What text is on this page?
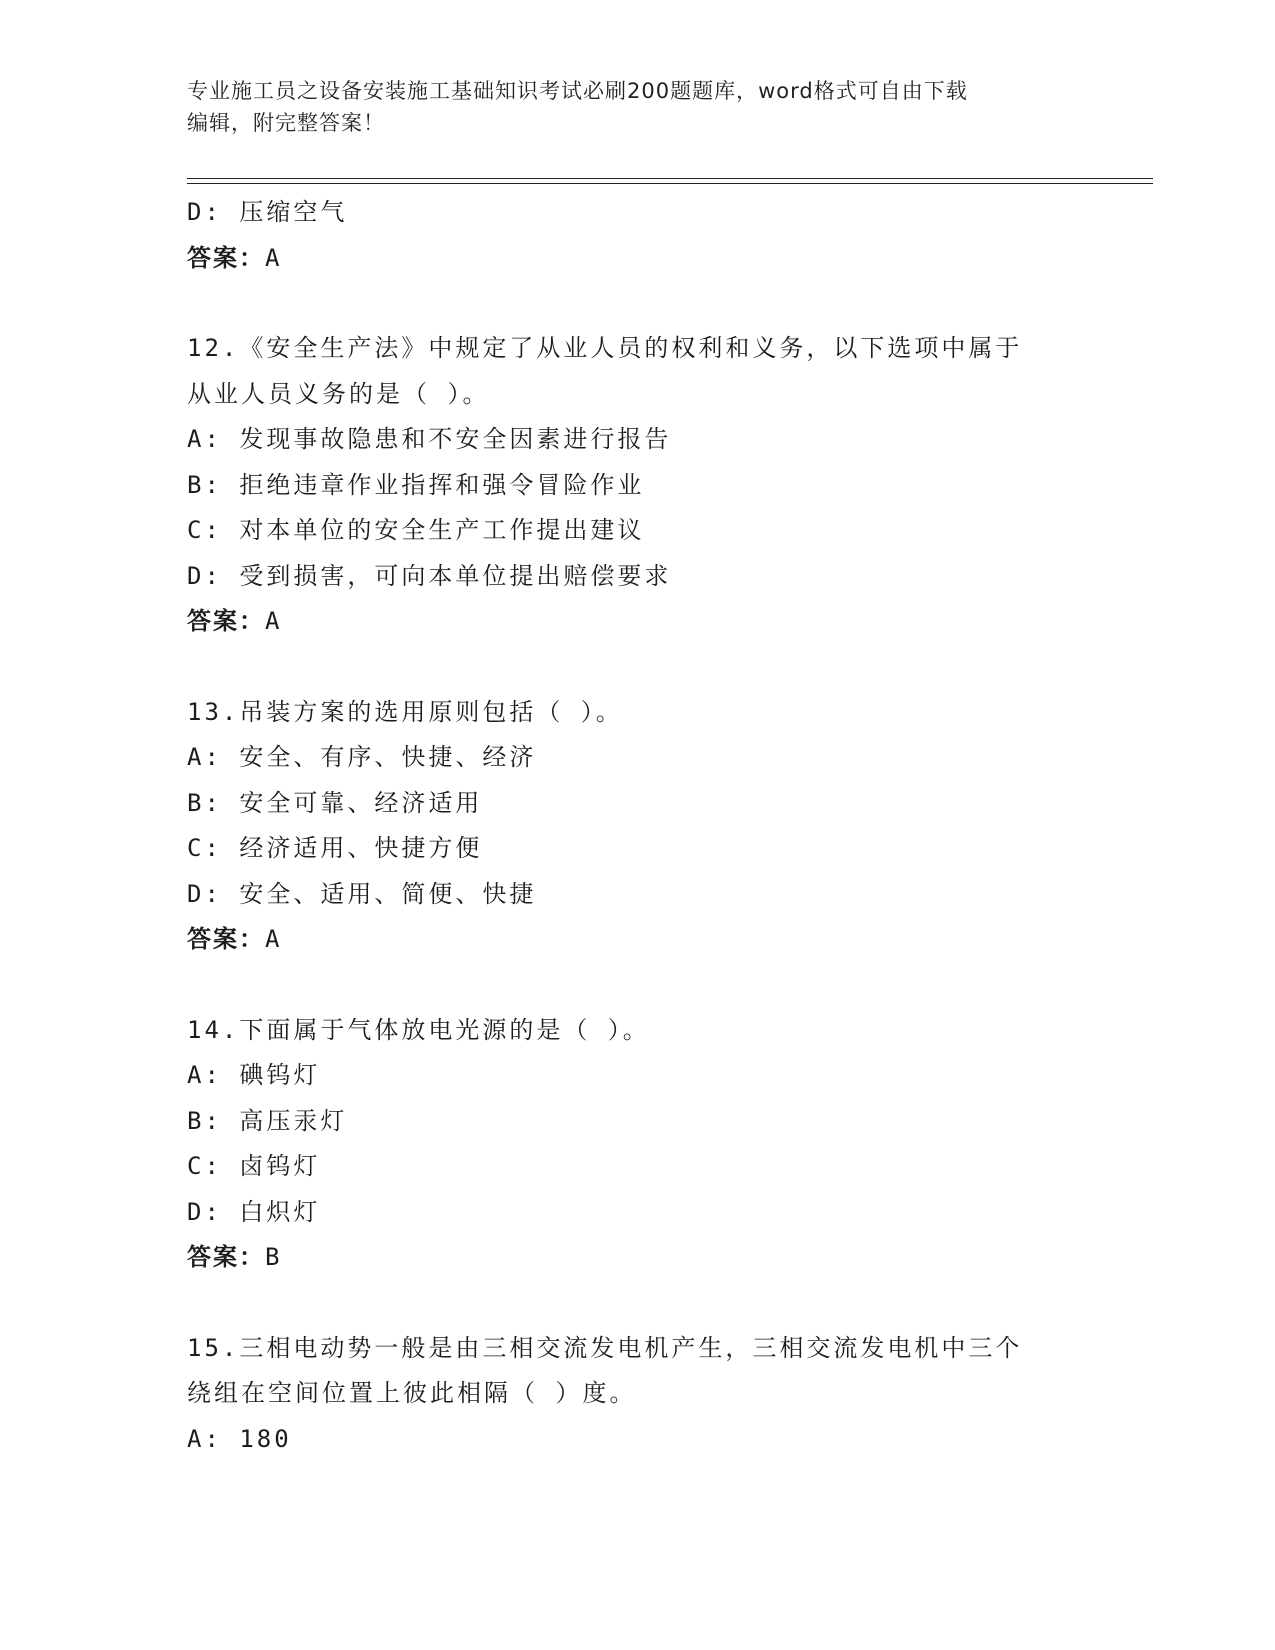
专业施工员之设备安装施工基础知识考试必刷200题题库，word格式可自由下载
编辑，附完整答案！
D: 压缩空气
答案：A
12.《安全生产法》中规定了从业人员的权利和义务，以下选项中属于
从业人员义务的是（ ）。
A: 发现事故隐患和不安全因素进行报告
B: 拒绝违章作业指挥和强令冒险作业
C: 对本单位的安全生产工作提出建议
D: 受到损害，可向本单位提出赔偿要求
答案：A
13.吊装方案的选用原则包括（ ）。
A: 安全、有序、快捷、经济
B: 安全可靠、经济适用
C: 经济适用、快捷方便
D: 安全、适用、简便、快捷
答案：A
14.下面属于气体放电光源的是（ ）。
A: 碘钨灯
B: 高压汞灯
C: 卤钨灯
D: 白炽灯
答案：B
15.三相电动势一般是由三相交流发电机产生，三相交流发电机中三个
绕组在空间位置上彼此相隔（ ）度。
A: 180
